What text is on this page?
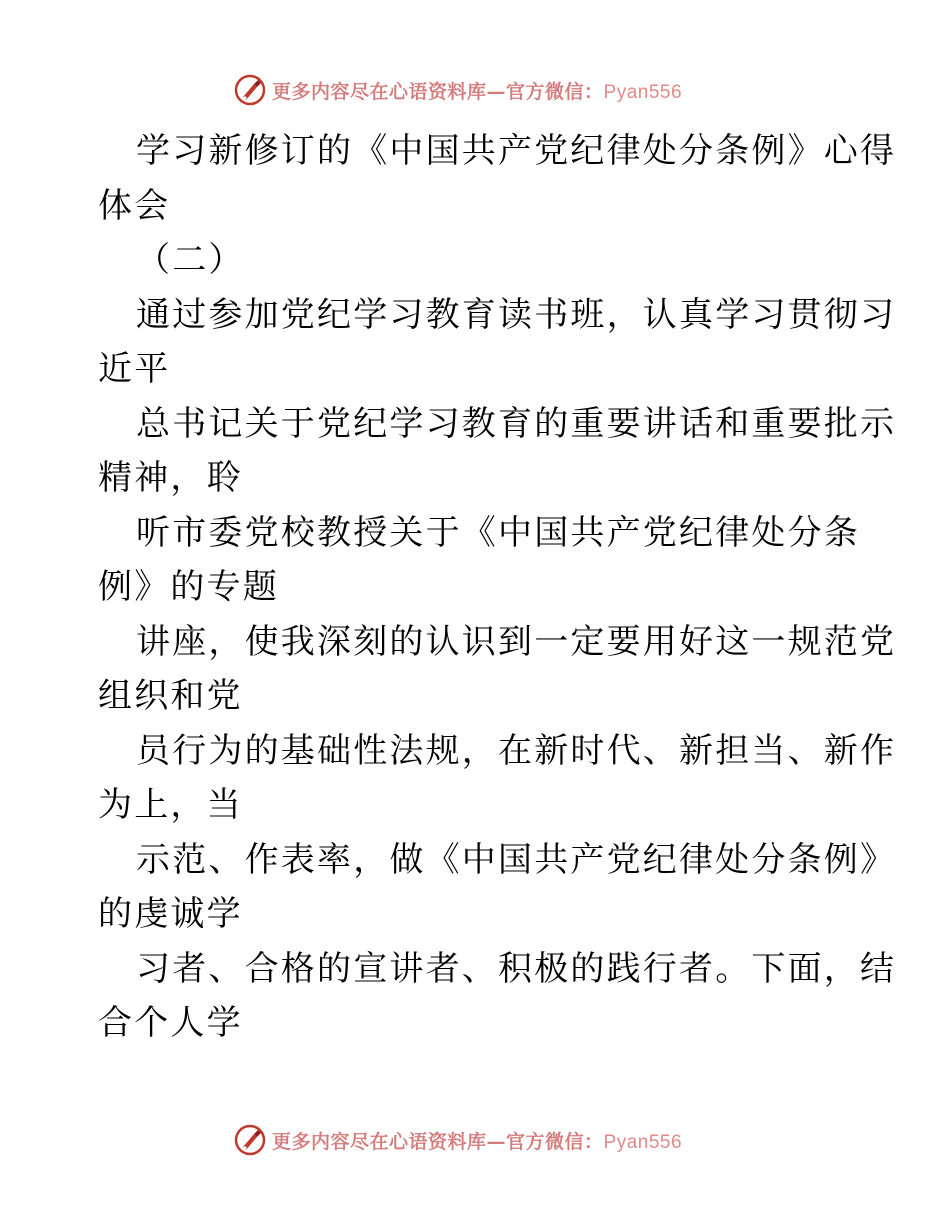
更多内容尽在心语资料库—官方微信：Pyan556
学习新修订的《中国共产党纪律处分条例》心得
体会
（二）
通过参加党纪学习教育读书班，认真学习贯彻习
近平
总书记关于党纪学习教育的重要讲话和重要批示
精神，聆
听市委党校教授关于《中国共产党纪律处分条
例》的专题
讲座，使我深刻的认识到一定要用好这一规范党
组织和党
员行为的基础性法规，在新时代、新担当、新作
为上，当
示范、作表率，做《中国共产党纪律处分条例》
的虔诚学
习者、合格的宣讲者、积极的践行者。下面，结
合个人学
更多内容尽在心语资料库—官方微信：Pyan556
